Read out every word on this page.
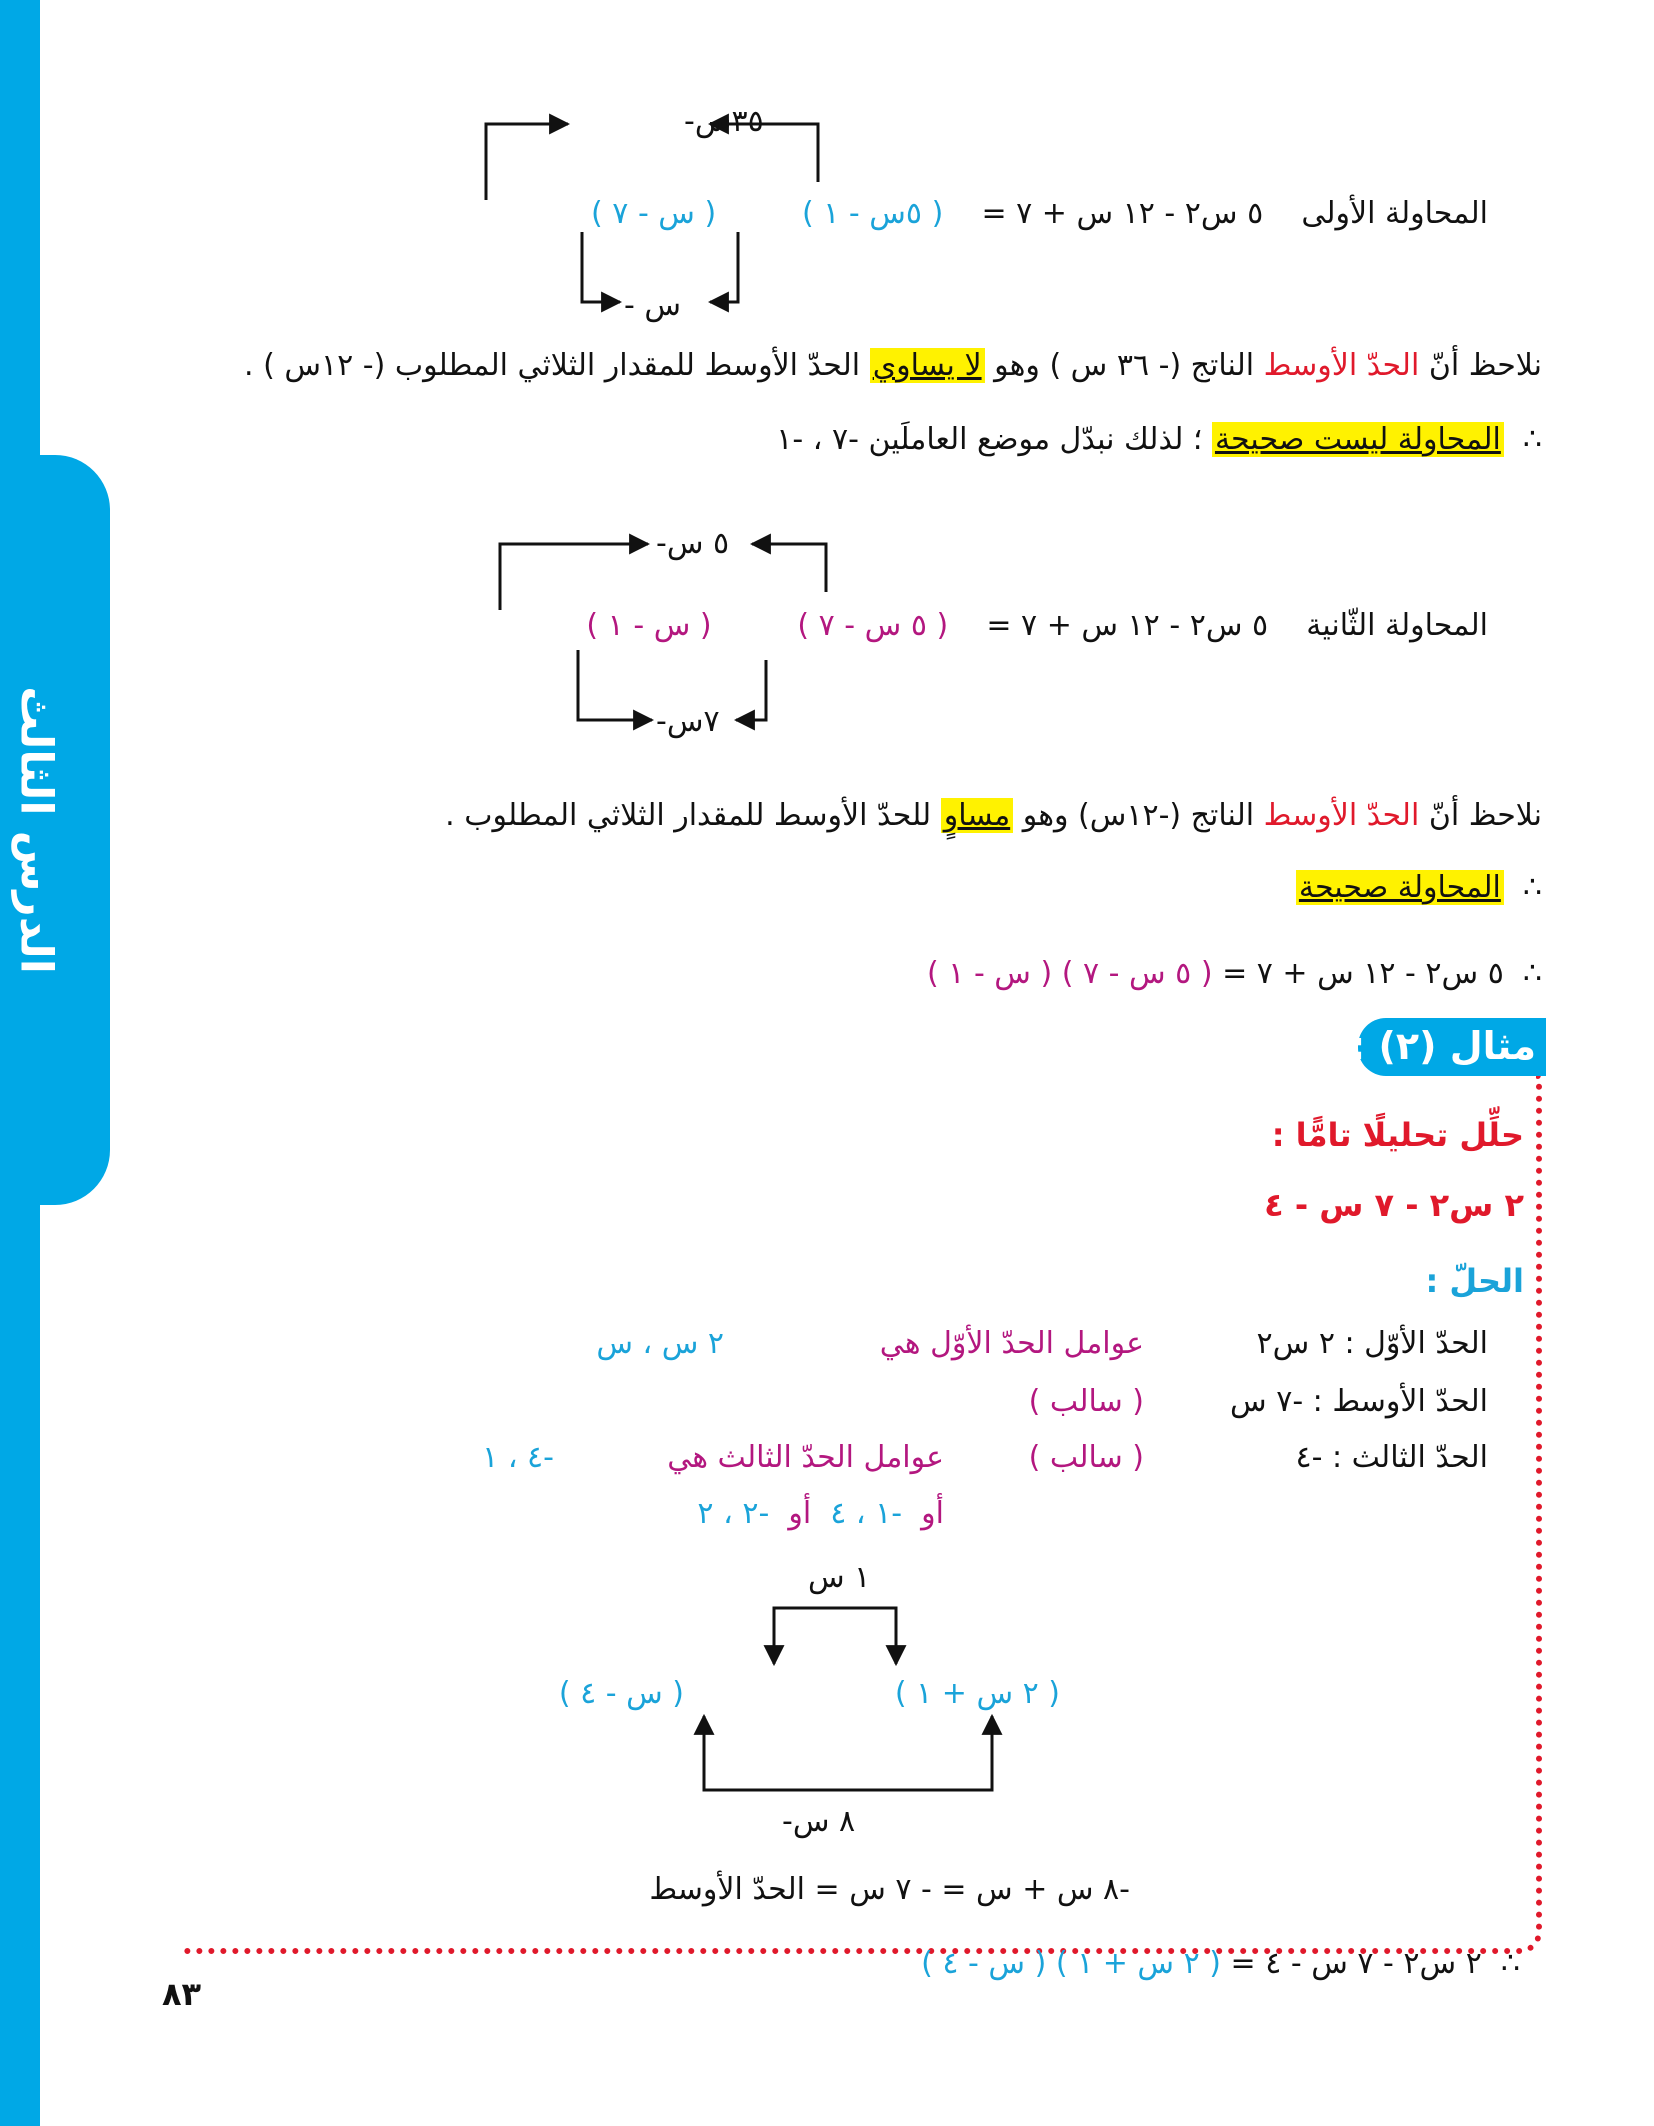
الدرس الثالث
-٣٥س
- س
المحاولة الأولى    ٥ س٢ - ١٢ س + ٧ =    ( ٥س - ١ )         ( س - ٧ )
نلاحظ أنّ الحدّ الأوسط الناتج (- ٣٦ س ) وهو لا يساوي الحدّ الأوسط للمقدار الثلاثي المطلوب (- ١٢س ) .
∴  المحاولة ليست صحيحة ؛ لذلك نبدّل موضع العاملَين -٧ ، -١
-٥ س
-٧س
المحاولة الثّانية    ٥ س٢ - ١٢ س + ٧ =    ( ٥ س - ٧ )         ( س - ١ )
نلاحظ أنّ الحدّ الأوسط الناتج (-١٢س) وهو مساوٍ للحدّ الأوسط للمقدار الثلاثي المطلوب .
∴  المحاولة صحيحة
∴  ٥ س٢ - ١٢ س + ٧ = ( ٥ س - ٧ ) ( س - ١ )
مثال (٢) :
حلِّل تحليلًا تامًّا :
٢ س٢ - ٧ س - ٤
الحلّ :
الحدّ الأوّل : ٢ س٢
عوامل الحدّ الأوّل هي
٢ س ، س
الحدّ الأوسط : -٧ س
( سالب )
الحدّ الثالث : -٤
( سالب )
عوامل الحدّ الثالث هي
-٤ ، ١
أو  -١ ، ٤  أو  -٢ ، ٢
١ س
( ٢ س + ١ )
( س - ٤ )
-٨ س
-٨ س + س = - ٧ س = الحدّ الأوسط
∴  ٢ س٢ - ٧ س - ٤ = ( ٢ س + ١ ) ( س - ٤ )
٨٣
